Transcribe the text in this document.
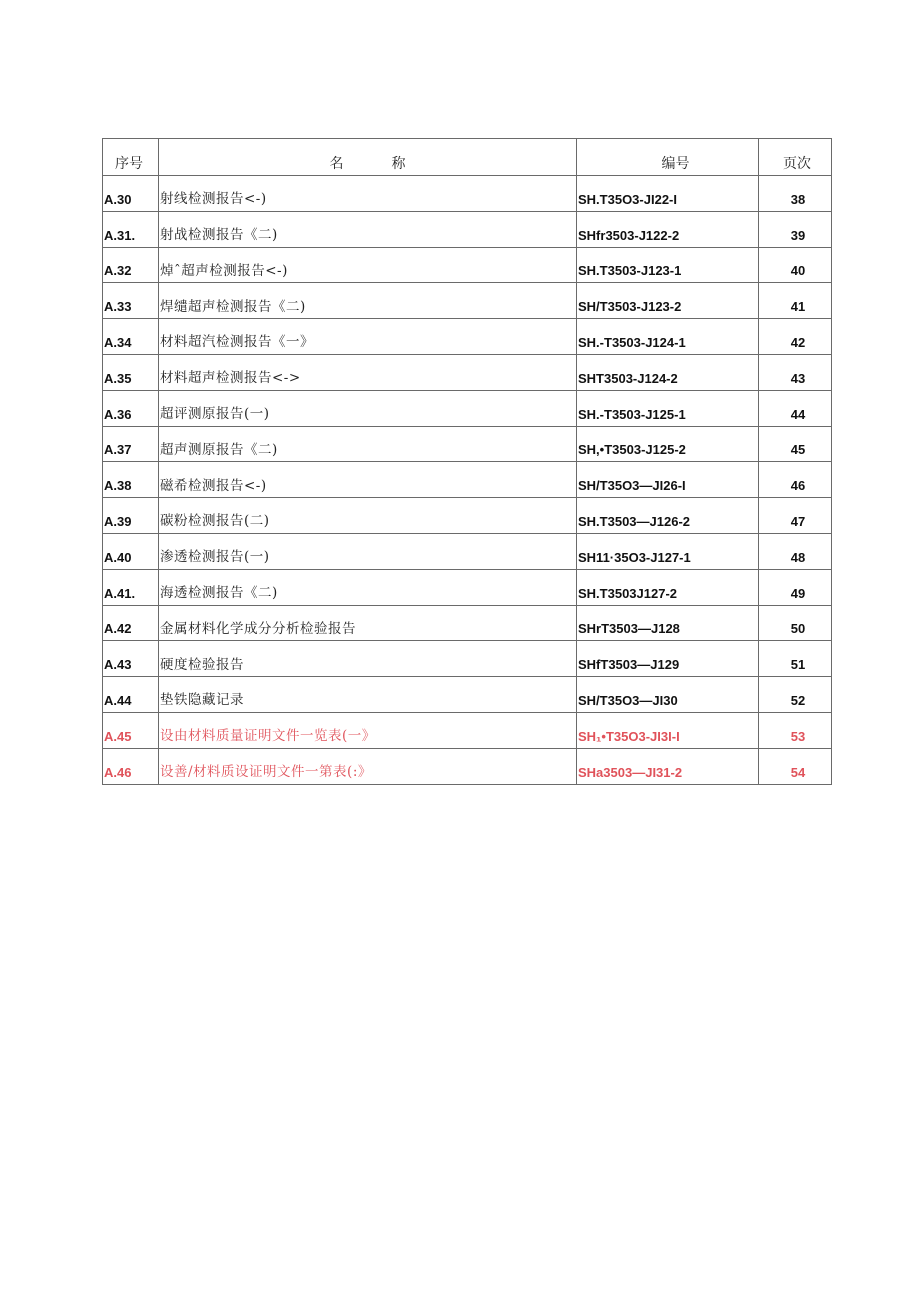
序号	名 称	编号	页次
A.30	射线检测报告<-)	SH.T35O3-JI22-I	38
A.31.	射战检测报告《二)	SHfr3503-J122-2	39
A.32	焯ˆ超声检测报告<-)	SH.T3503-J123-1	40
A.33	焊缱超声检测报告《二)	SH/T3503-J123-2	41
A.34	材料超汽检测报告《一》	SH.-T3503-J124-1	42
A.35	材料超声检测报告<->	SHT3503-J124-2	43
A.36	超评测原报告(一)	SH.-T3503-J125-1	44
A.37	超声测原报告《二)	SH,•T3503-J125-2	45
A.38	磁希检测报告<-)	SH/T35O3—JI26-I	46
A.39	碳粉检测报告(二)	SH.T3503—J126-2	47
A.40	渗透检测报告(一)	SH11·35O3-J127-1	48
A.41.	海透检测报告《二)	SH.T3503J127-2	49
A.42	金属材料化学成分分析检验报告	SHrT3503—J128	50
A.43	硬度检验报告	SHfT3503—J129	51
A.44	垫铁隐藏记录	SH/T35O3—JI30	52
A.45	设由材料质量证明文件一览表(一》	SH₁•T35O3-JI3I-I	53
A.46	设善/材料质设证明文件一第表(:》	SHa3503—JI31-2	54
